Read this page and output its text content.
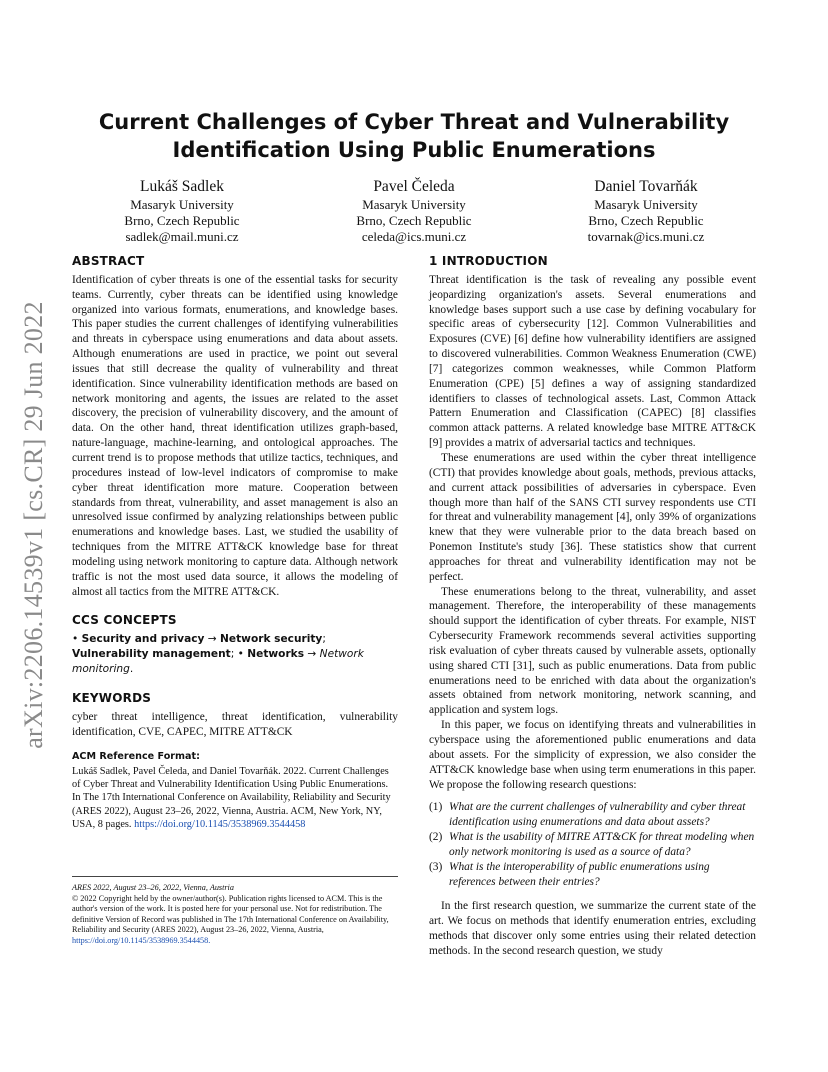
arXiv:2206.14539v1 [cs.CR] 29 Jun 2022
Current Challenges of Cyber Threat and Vulnerability
Identification Using Public Enumerations
Lukáš Sadlek
Masaryk University
Brno, Czech Republic
sadlek@mail.muni.cz
Pavel Čeleda
Masaryk University
Brno, Czech Republic
celeda@ics.muni.cz
Daniel Tovarňák
Masaryk University
Brno, Czech Republic
tovarnak@ics.muni.cz
ABSTRACT

Identification of cyber threats is one of the essential tasks for security teams. Currently, cyber threats can be identified using knowledge organized into various formats, enumerations, and knowledge bases. This paper studies the current challenges of identifying vulnerabilities and threats in cyberspace using enumerations and data about assets. Although enumerations are used in practice, we point out several issues that still decrease the quality of vulnerability and threat identification. Since vulnerability identification methods are based on network monitoring and agents, the issues are related to the asset discovery, the precision of vulnerability discovery, and the amount of data. On the other hand, threat identification utilizes graph-based, nature-language, machine-learning, and ontological approaches. The current trend is to propose methods that utilize tactics, techniques, and procedures instead of low-level indicators of compromise to make cyber threat identification more mature. Cooperation between standards from threat, vulnerability, and asset management is also an unresolved issue confirmed by analyzing relationships between public enumerations and knowledge bases. Last, we studied the usability of techniques from the MITRE ATT&CK knowledge base for threat modeling using network monitoring to capture data. Although network traffic is not the most used data source, it allows the modeling of almost all tactics from the MITRE ATT&CK.

CCS CONCEPTS
• Security and privacy → Network security; Vulnerability management; • Networks → Network monitoring.
KEYWORDS

cyber threat intelligence, threat identification, vulnerability identification, CVE, CAPEC, MITRE ATT&CK

ACM Reference Format:
Lukáš Sadlek, Pavel Čeleda, and Daniel Tovarňák. 2022. Current Challenges of Cyber Threat and Vulnerability Identification Using Public Enumerations. In The 17th International Conference on Availability, Reliability and Security (ARES 2022), August 23–26, 2022, Vienna, Austria. ACM, New York, NY, USA, 8 pages. https://doi.org/10.1145/3538969.3544458
ARES 2022, August 23–26, 2022, Vienna, Austria
© 2022 Copyright held by the owner/author(s). Publication rights licensed to ACM. This is the author's version of the work. It is posted here for your personal use. Not for redistribution. The definitive Version of Record was published in The 17th International Conference on Availability, Reliability and Security (ARES 2022), August 23–26, 2022, Vienna, Austria, https://doi.org/10.1145/3538969.3544458.
1 INTRODUCTION

Threat identification is the task of revealing any possible event jeopardizing organization's assets. Several enumerations and knowledge bases support such a use case by defining vocabulary for specific areas of cybersecurity [12]. Common Vulnerabilities and Exposures (CVE) [6] define how vulnerability identifiers are assigned to discovered vulnerabilities. Common Weakness Enumeration (CWE) [7] categorizes common weaknesses, while Common Platform Enumeration (CPE) [5] defines a way of assigning standardized identifiers to classes of technological assets. Last, Common Attack Pattern Enumeration and Classification (CAPEC) [8] classifies common attack patterns. A related knowledge base MITRE ATT&CK [9] provides a matrix of adversarial tactics and techniques.

These enumerations are used within the cyber threat intelligence (CTI) that provides knowledge about goals, methods, previous attacks, and current attack possibilities of adversaries in cyberspace. Even though more than half of the SANS CTI survey respondents use CTI for threat and vulnerability management [4], only 39% of organizations knew that they were vulnerable prior to the data breach based on Ponemon Institute's study [36]. These statistics show that current approaches for threat and vulnerability identification may not be perfect.

These enumerations belong to the threat, vulnerability, and asset management. Therefore, the interoperability of these managements should support the identification of cyber threats. For example, NIST Cybersecurity Framework recommends several activities supporting risk evaluation of cyber threats caused by vulnerable assets, optionally using shared CTI [31], such as public enumerations. Data from public enumerations need to be enriched with data about the organization's assets obtained from network monitoring, network scanning, and application and system logs.

In this paper, we focus on identifying threats and vulnerabilities in cyberspace using the aforementioned public enumerations and data about assets. For the simplicity of expression, we also consider the ATT&CK knowledge base when using term enumerations in this paper. We propose the following research questions:

(1) What are the current challenges of vulnerability and cyber threat identification using enumerations and data about assets?
(2) What is the usability of MITRE ATT&CK for threat modeling when only network monitoring is used as a source of data?
(3) What is the interoperability of public enumerations using references between their entries?

In the first research question, we summarize the current state of the art. We focus on methods that identify enumeration entries, excluding methods that discover only some entries using their related detection methods. In the second research question, we study
